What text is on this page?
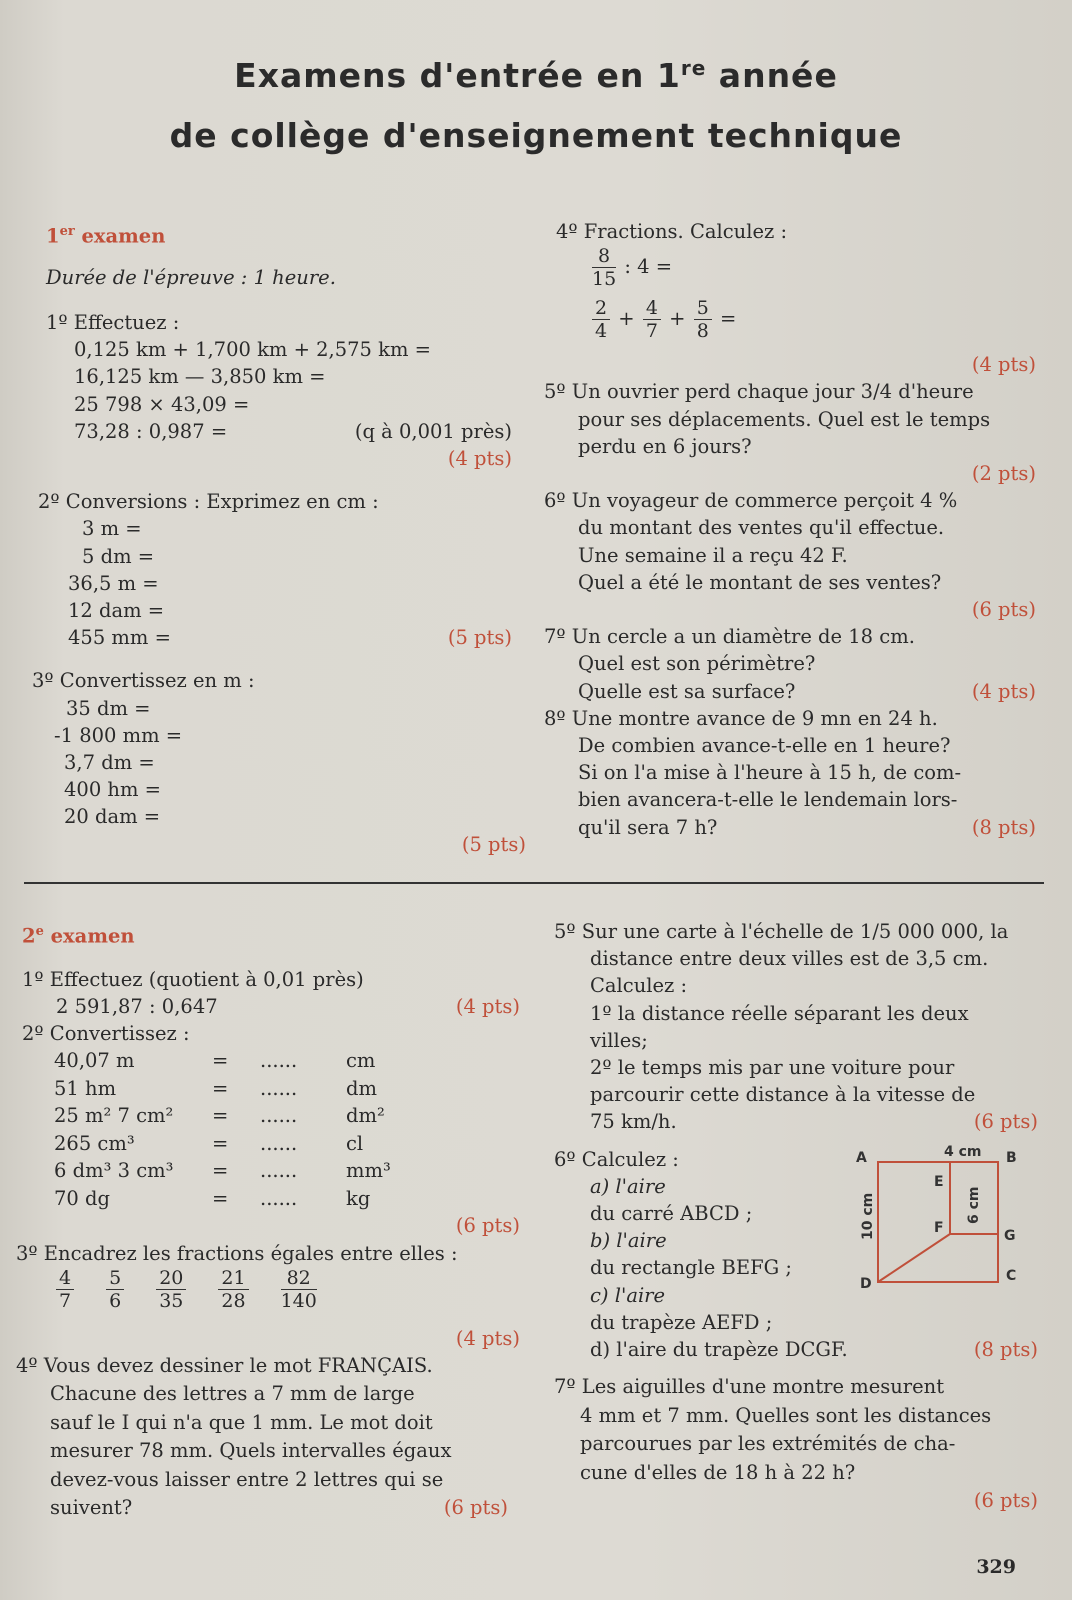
Examens d'entrée en 1re année
de collège d'enseignement technique
1er examen
Durée de l'épreuve : 1 heure.
1º Effectuez :
0,125 km + 1,700 km + 2,575 km =
16,125 km — 3,850 km =
25 798 × 43,09 =
73,28 : 0,987 =	(q à 0,001 près)
(4 pts)

2º Conversions : Exprimez en cm :
3 m =
5 dm =
36,5 m =
12 dam =
455 mm =	(5 pts)
3º Convertissez en m :
35 dm =
-1 800 mm =
3,7 dm =
400 hm =
20 dam =
(5 pts)

4º Fractions. Calculez :
$\frac{8}{15}$ : 4 =
$\frac{2}{4} + \frac{4}{7} + \frac{5}{8}$ =
(4 pts)

5º Un ouvrier perd chaque jour 3/4 d'heure
pour ses déplacements. Quel est le temps
perdu en 6 jours?
(2 pts)

6º Un voyageur de commerce perçoit 4 %
du montant des ventes qu'il effectue.
Une semaine il a reçu 42 F.
Quel a été le montant de ses ventes?
(6 pts)

7º Un cercle a un diamètre de 18 cm.
Quel est son périmètre?
Quelle est sa surface?	(4 pts)
8º Une montre avance de 9 mn en 24 h.
De combien avance-t-elle en 1 heure?
Si on l'a mise à l'heure à 15 h, de com-
bien avancera-t-elle le lendemain lors-
qu'il sera 7 h?	(8 pts)
2e examen
1º Effectuez (quotient à 0,01 près)
2 591,87 : 0,647	(4 pts)
2º Convertissez :
40,07 m	=	......	cm
51 hm	=	......	dm
25 m² 7 cm²	=	......	dm²
265 cm³	=	......	cl
6 dm³ 3 cm³	=	......	mm³
70 dg	=	......	kg
(6 pts)

3º Encadrez les fractions égales entre elles :
$\frac{4}{7} \frac{5}{6} \frac{20}{35} \frac{21}{28} \frac{82}{140}$
(4 pts)

4º Vous devez dessiner le mot FRANÇAIS.
Chacune des lettres a 7 mm de large
sauf le I qui n'a que 1 mm. Le mot doit
mesurer 78 mm. Quels intervalles égaux
devez-vous laisser entre 2 lettres qui se
suivent?	(6 pts)
5º Sur une carte à l'échelle de 1/5 000 000, la
distance entre deux villes est de 3,5 cm.
Calculez :
1º la distance réelle séparant les deux
villes;
2º le temps mis par une voiture pour
parcourir cette distance à la vitesse de
75 km/h.	(6 pts)
6º Calculez :
a) l'aire
du carré ABCD ;
b) l'aire
du rectangle BEFG ;
c) l'aire
du trapèze AEFD ;
d) l'aire du trapèze DCGF.	(8 pts)
A	B
C
D
E
F	G
4 cm
10 cm	6 cm
7º Les aiguilles d'une montre mesurent
4 mm et 7 mm. Quelles sont les distances
parcourues par les extrémités de cha-
cune d'elles de 18 h à 22 h?
(6 pts)

329
